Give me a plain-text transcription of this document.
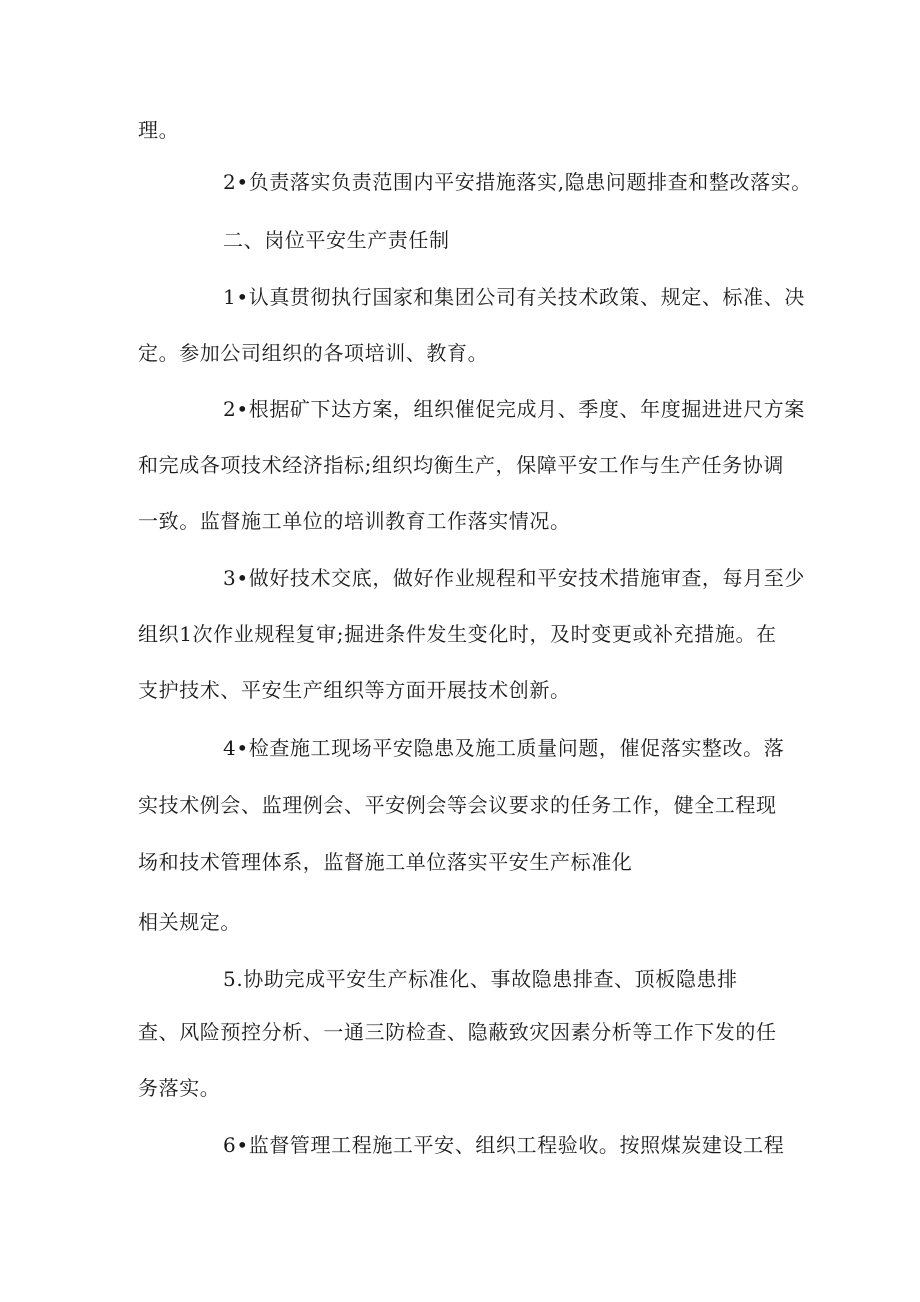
理。
2•负责落实负责范围内平安措施落实,隐患问题排查和整改落实。
二、岗位平安生产责任制
1•认真贯彻执行国家和集团公司有关技术政策、规定、标准、决
定。参加公司组织的各项培训、教育。
2•根据矿下达方案，组织催促完成月、季度、年度掘进进尺方案
和完成各项技术经济指标;组织均衡生产，保障平安工作与生产任务协调
一致。监督施工单位的培训教育工作落实情况。
3•做好技术交底，做好作业规程和平安技术措施审查，每月至少
组织1次作业规程复审;掘进条件发生变化时，及时变更或补充措施。在
支护技术、平安生产组织等方面开展技术创新。
4•检查施工现场平安隐患及施工质量问题，催促落实整改。落
实技术例会、监理例会、平安例会等会议要求的任务工作，健全工程现
场和技术管理体系，监督施工单位落实平安生产标准化
相关规定。
5.协助完成平安生产标准化、事故隐患排查、顶板隐患排
查、风险预控分析、一通三防检查、隐蔽致灾因素分析等工作下发的任
务落实。
6•监督管理工程施工平安、组织工程验收。按照煤炭建设工程
